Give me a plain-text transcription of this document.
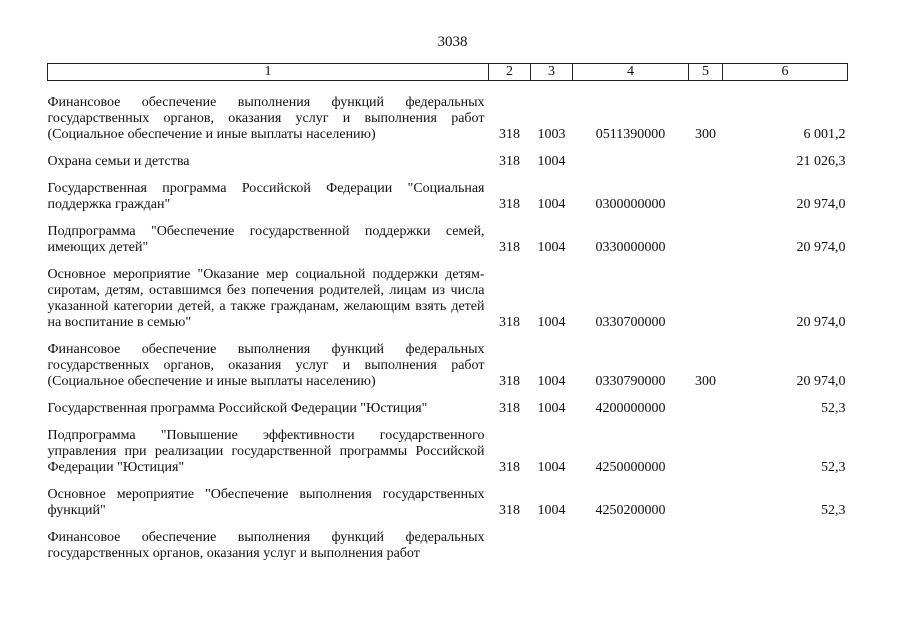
3038
1	2	3	4	5	6
Финансовое обеспечение выполнения функций федеральных государственных органов, оказания услуг и выполнения работ (Социальное обеспечение и иные выплаты населению)	318	1003	0511390000	300	6 001,2
Охрана семьи и детства	318	1004			21 026,3
Государственная программа Российской Федерации "Социальная поддержка граждан"	318	1004	0300000000		20 974,0
Подпрограмма "Обеспечение государственной поддержки семей, имеющих детей"	318	1004	0330000000		20 974,0
Основное мероприятие "Оказание мер социальной поддержки детям-сиротам, детям, оставшимся без попечения родителей, лицам из числа указанной категории детей, а также гражданам, желающим взять детей на воспитание в семью"	318	1004	0330700000		20 974,0
Финансовое обеспечение выполнения функций федеральных государственных органов, оказания услуг и выполнения работ (Социальное обеспечение и иные выплаты населению)	318	1004	0330790000	300	20 974,0
Государственная программа Российской Федерации "Юстиция"	318	1004	4200000000		52,3
Подпрограмма "Повышение эффективности государственного управления при реализации государственной программы Российской Федерации "Юстиция"	318	1004	4250000000		52,3
Основное мероприятие "Обеспечение выполнения государственных функций"	318	1004	4250200000		52,3
Финансовое обеспечение выполнения функций федеральных государственных органов, оказания услуг и выполнения работ					
